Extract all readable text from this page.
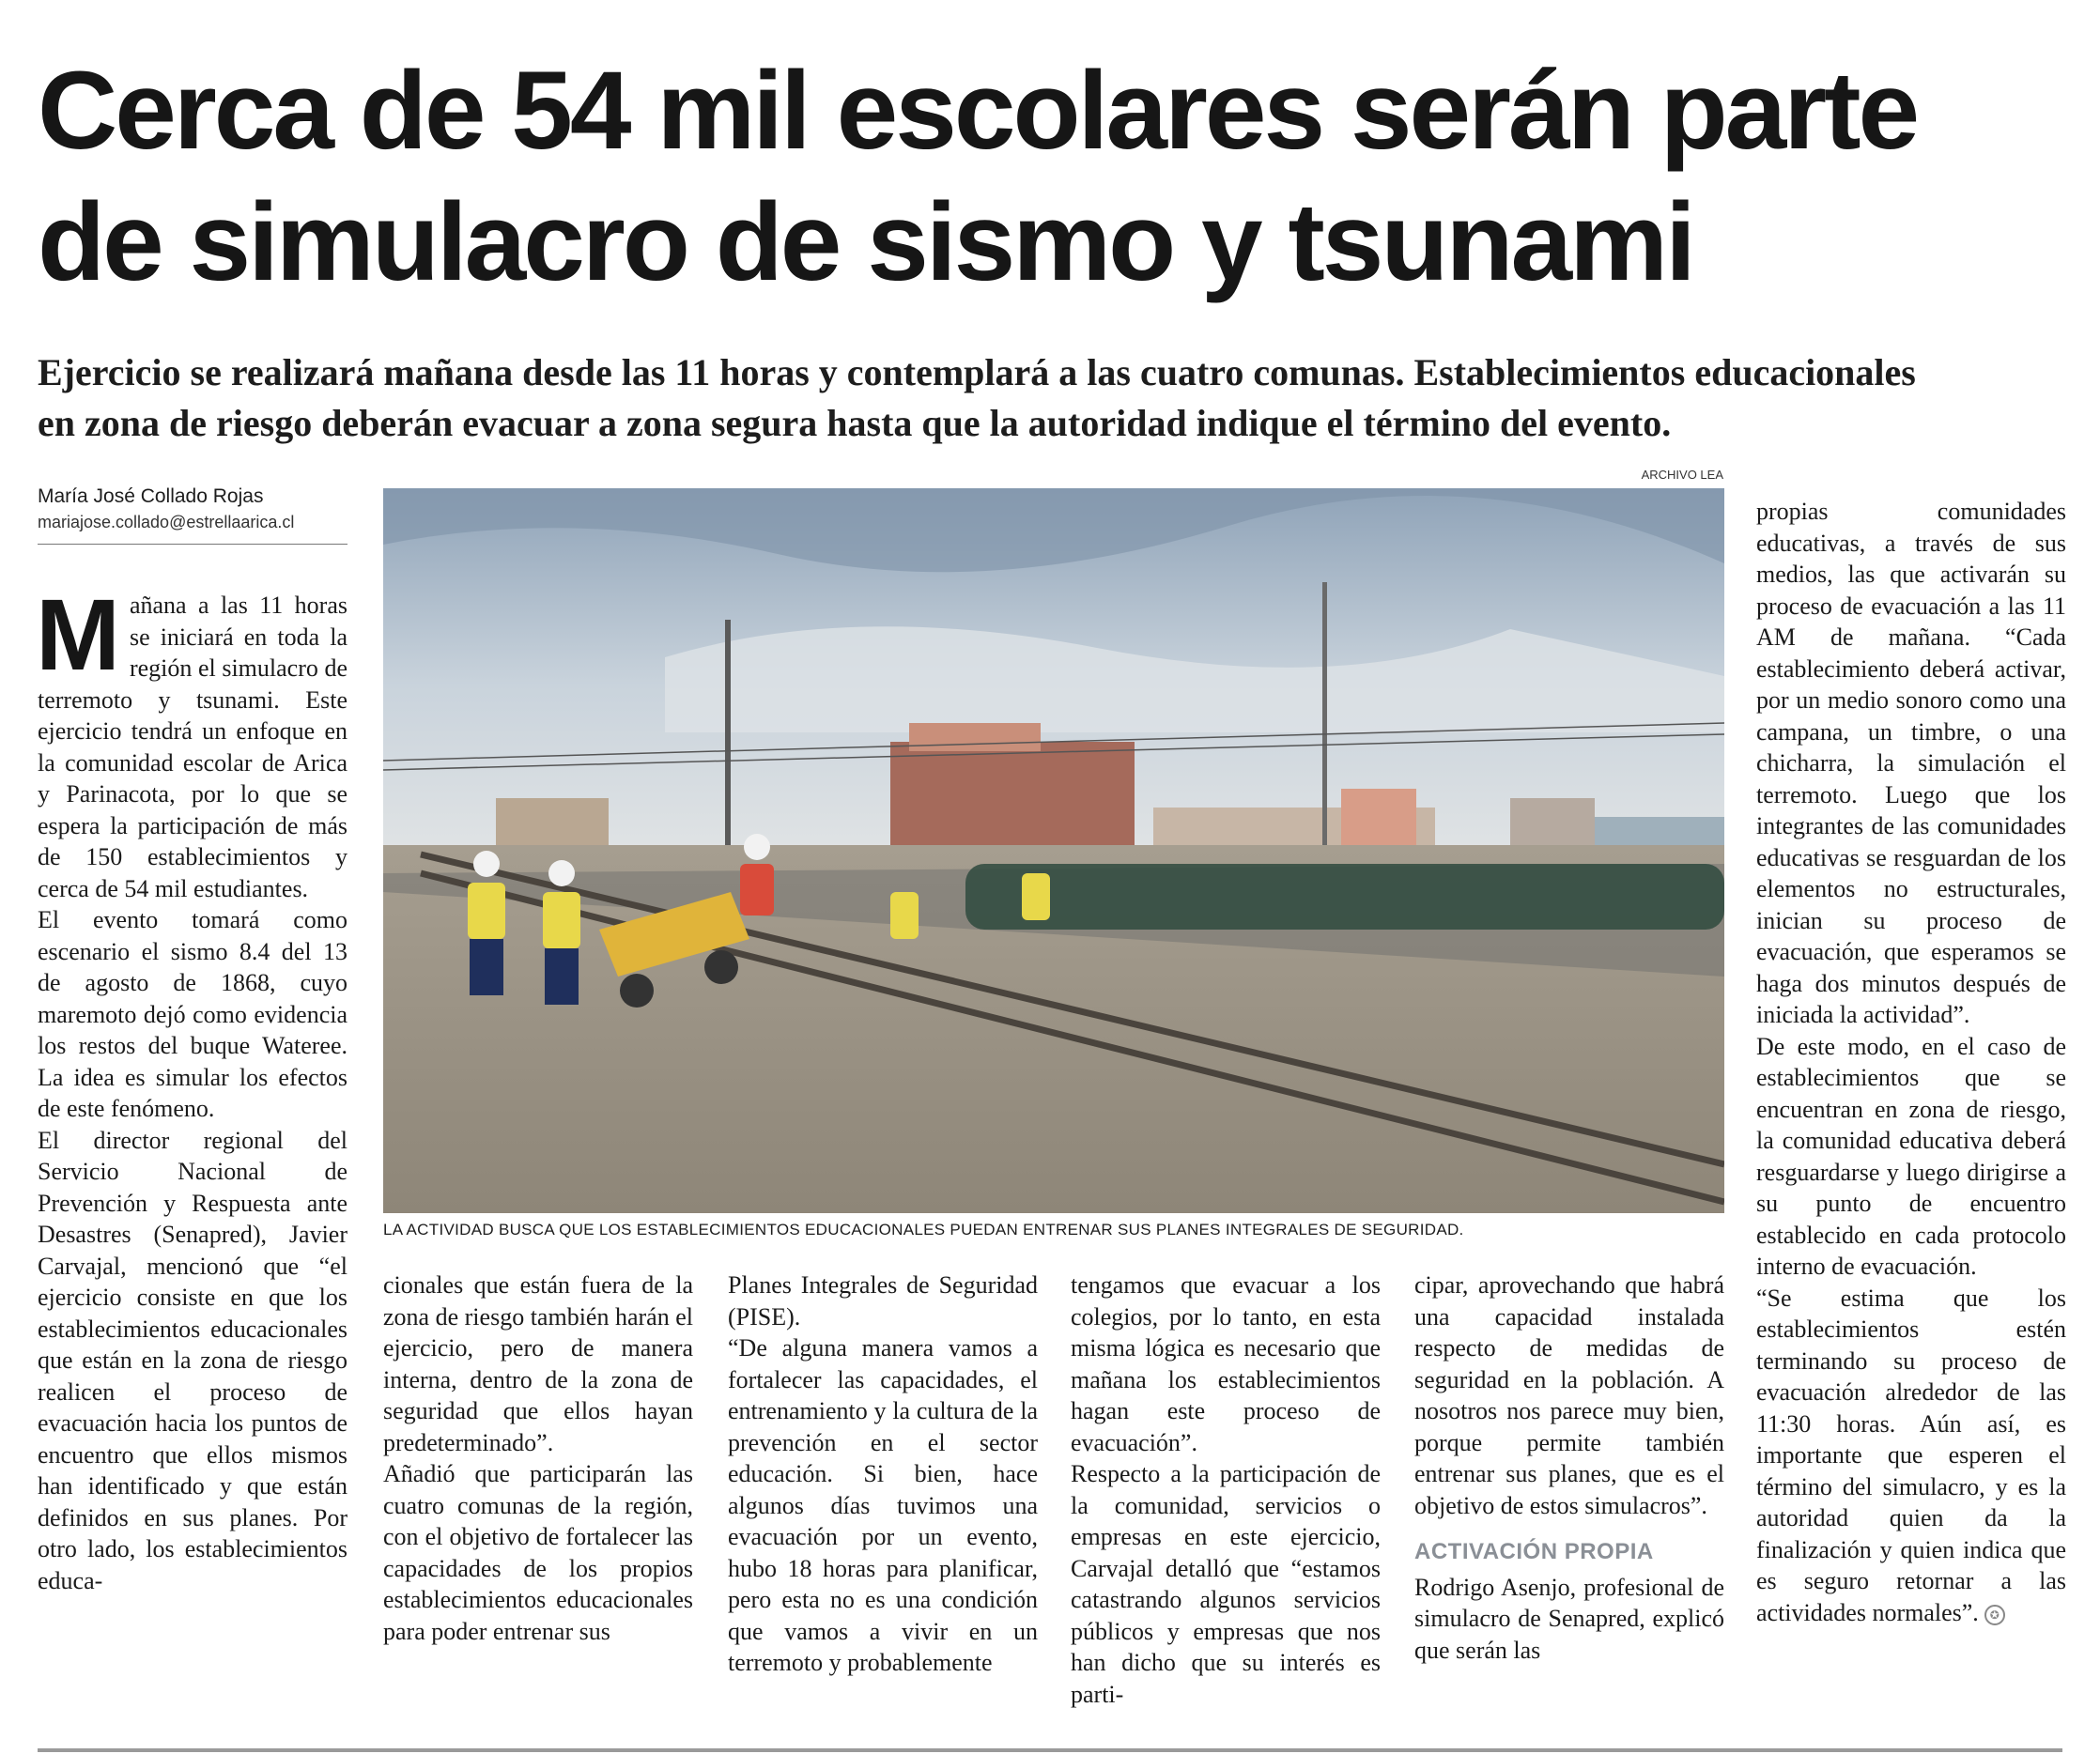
Cerca de 54 mil escolares serán parte
de simulacro de sismo y tsunami
Ejercicio se realizará mañana desde las 11 horas y contemplará a las cuatro comunas. Establecimientos educacionales
en zona de riesgo deberán evacuar a zona segura hasta que la autoridad indique el término del evento.
María José Collado Rojas
mariajose.collado@estrellaarica.cl
ARCHIVO LEA
LA ACTIVIDAD BUSCA QUE LOS ESTABLECIMIENTOS EDUCACIONALES PUEDAN ENTRENAR SUS PLANES INTEGRALES DE SEGURIDAD.

Mañana a las 11 horas se iniciará en toda la región el simulacro de terremoto y tsunami. Este ejercicio tendrá un enfoque en la comunidad escolar de Arica y Parinacota, por lo que se espera la participación de más de 150 establecimientos y cerca de 54 mil estudiantes.

El evento tomará como escenario el sismo 8.4 del 13 de agosto de 1868, cuyo maremoto dejó como evidencia los restos del buque Wateree. La idea es simular los efectos de este fenómeno.

El director regional del Servicio Nacional de Prevención y Respuesta ante Desastres (Senapred), Javier Carvajal, mencionó que “el ejercicio consiste en que los establecimientos educacionales que están en la zona de riesgo realicen el proceso de evacuación hacia los puntos de encuentro que ellos mismos han identificado y que están definidos en sus planes. Por otro lado, los establecimientos educa-

cionales que están fuera de la zona de riesgo también harán el ejercicio, pero de manera interna, dentro de la zona de seguridad que ellos hayan predeterminado”.

Añadió que participarán las cuatro comunas de la región, con el objetivo de fortalecer las capacidades de los propios establecimientos educacionales para poder entrenar sus

Planes Integrales de Seguridad (PISE).

“De alguna manera vamos a fortalecer las capacidades, el entrenamiento y la cultura de la prevención en el sector educación. Si bien, hace algunos días tuvimos una evacuación por un evento, hubo 18 horas para planificar, pero esta no es una condición que vamos a vivir en un terremoto y probablemente

tengamos que evacuar a los colegios, por lo tanto, en esta misma lógica es necesario que mañana los establecimientos hagan este proceso de evacuación”.

Respecto a la participación de la comunidad, servicios o empresas en este ejercicio, Carvajal detalló que “estamos catastrando algunos servicios públicos y empresas que nos han dicho que su interés es parti-

cipar, aprovechando que habrá una capacidad instalada respecto de medidas de seguridad en la población. A nosotros nos parece muy bien, porque permite también entrenar sus planes, que es el objetivo de estos simulacros”.

ACTIVACIÓN PROPIA

Rodrigo Asenjo, profesional de simulacro de Senapred, explicó que serán las

propias comunidades educativas, a través de sus medios, las que activarán su proceso de evacuación a las 11 AM de mañana. “Cada establecimiento deberá activar, por un medio sonoro como una campana, un timbre, o una chicharra, la simulación el terremoto. Luego que los integrantes de las comunidades educativas se resguardan de los elementos no estructurales, inician su proceso de evacuación, que esperamos se haga dos minutos después de iniciada la actividad”.

De este modo, en el caso de establecimientos que se encuentran en zona de riesgo, la comunidad educativa deberá resguardarse y luego dirigirse a su punto de encuentro establecido en cada protocolo interno de evacuación.

“Se estima que los establecimientos estén terminando su proceso de evacuación alrededor de las 11:30 horas. Aún así, es importante que esperen el término del simulacro, y es la autoridad quien da la finalización y quien indica que es seguro retornar a las actividades normales”. ✪
